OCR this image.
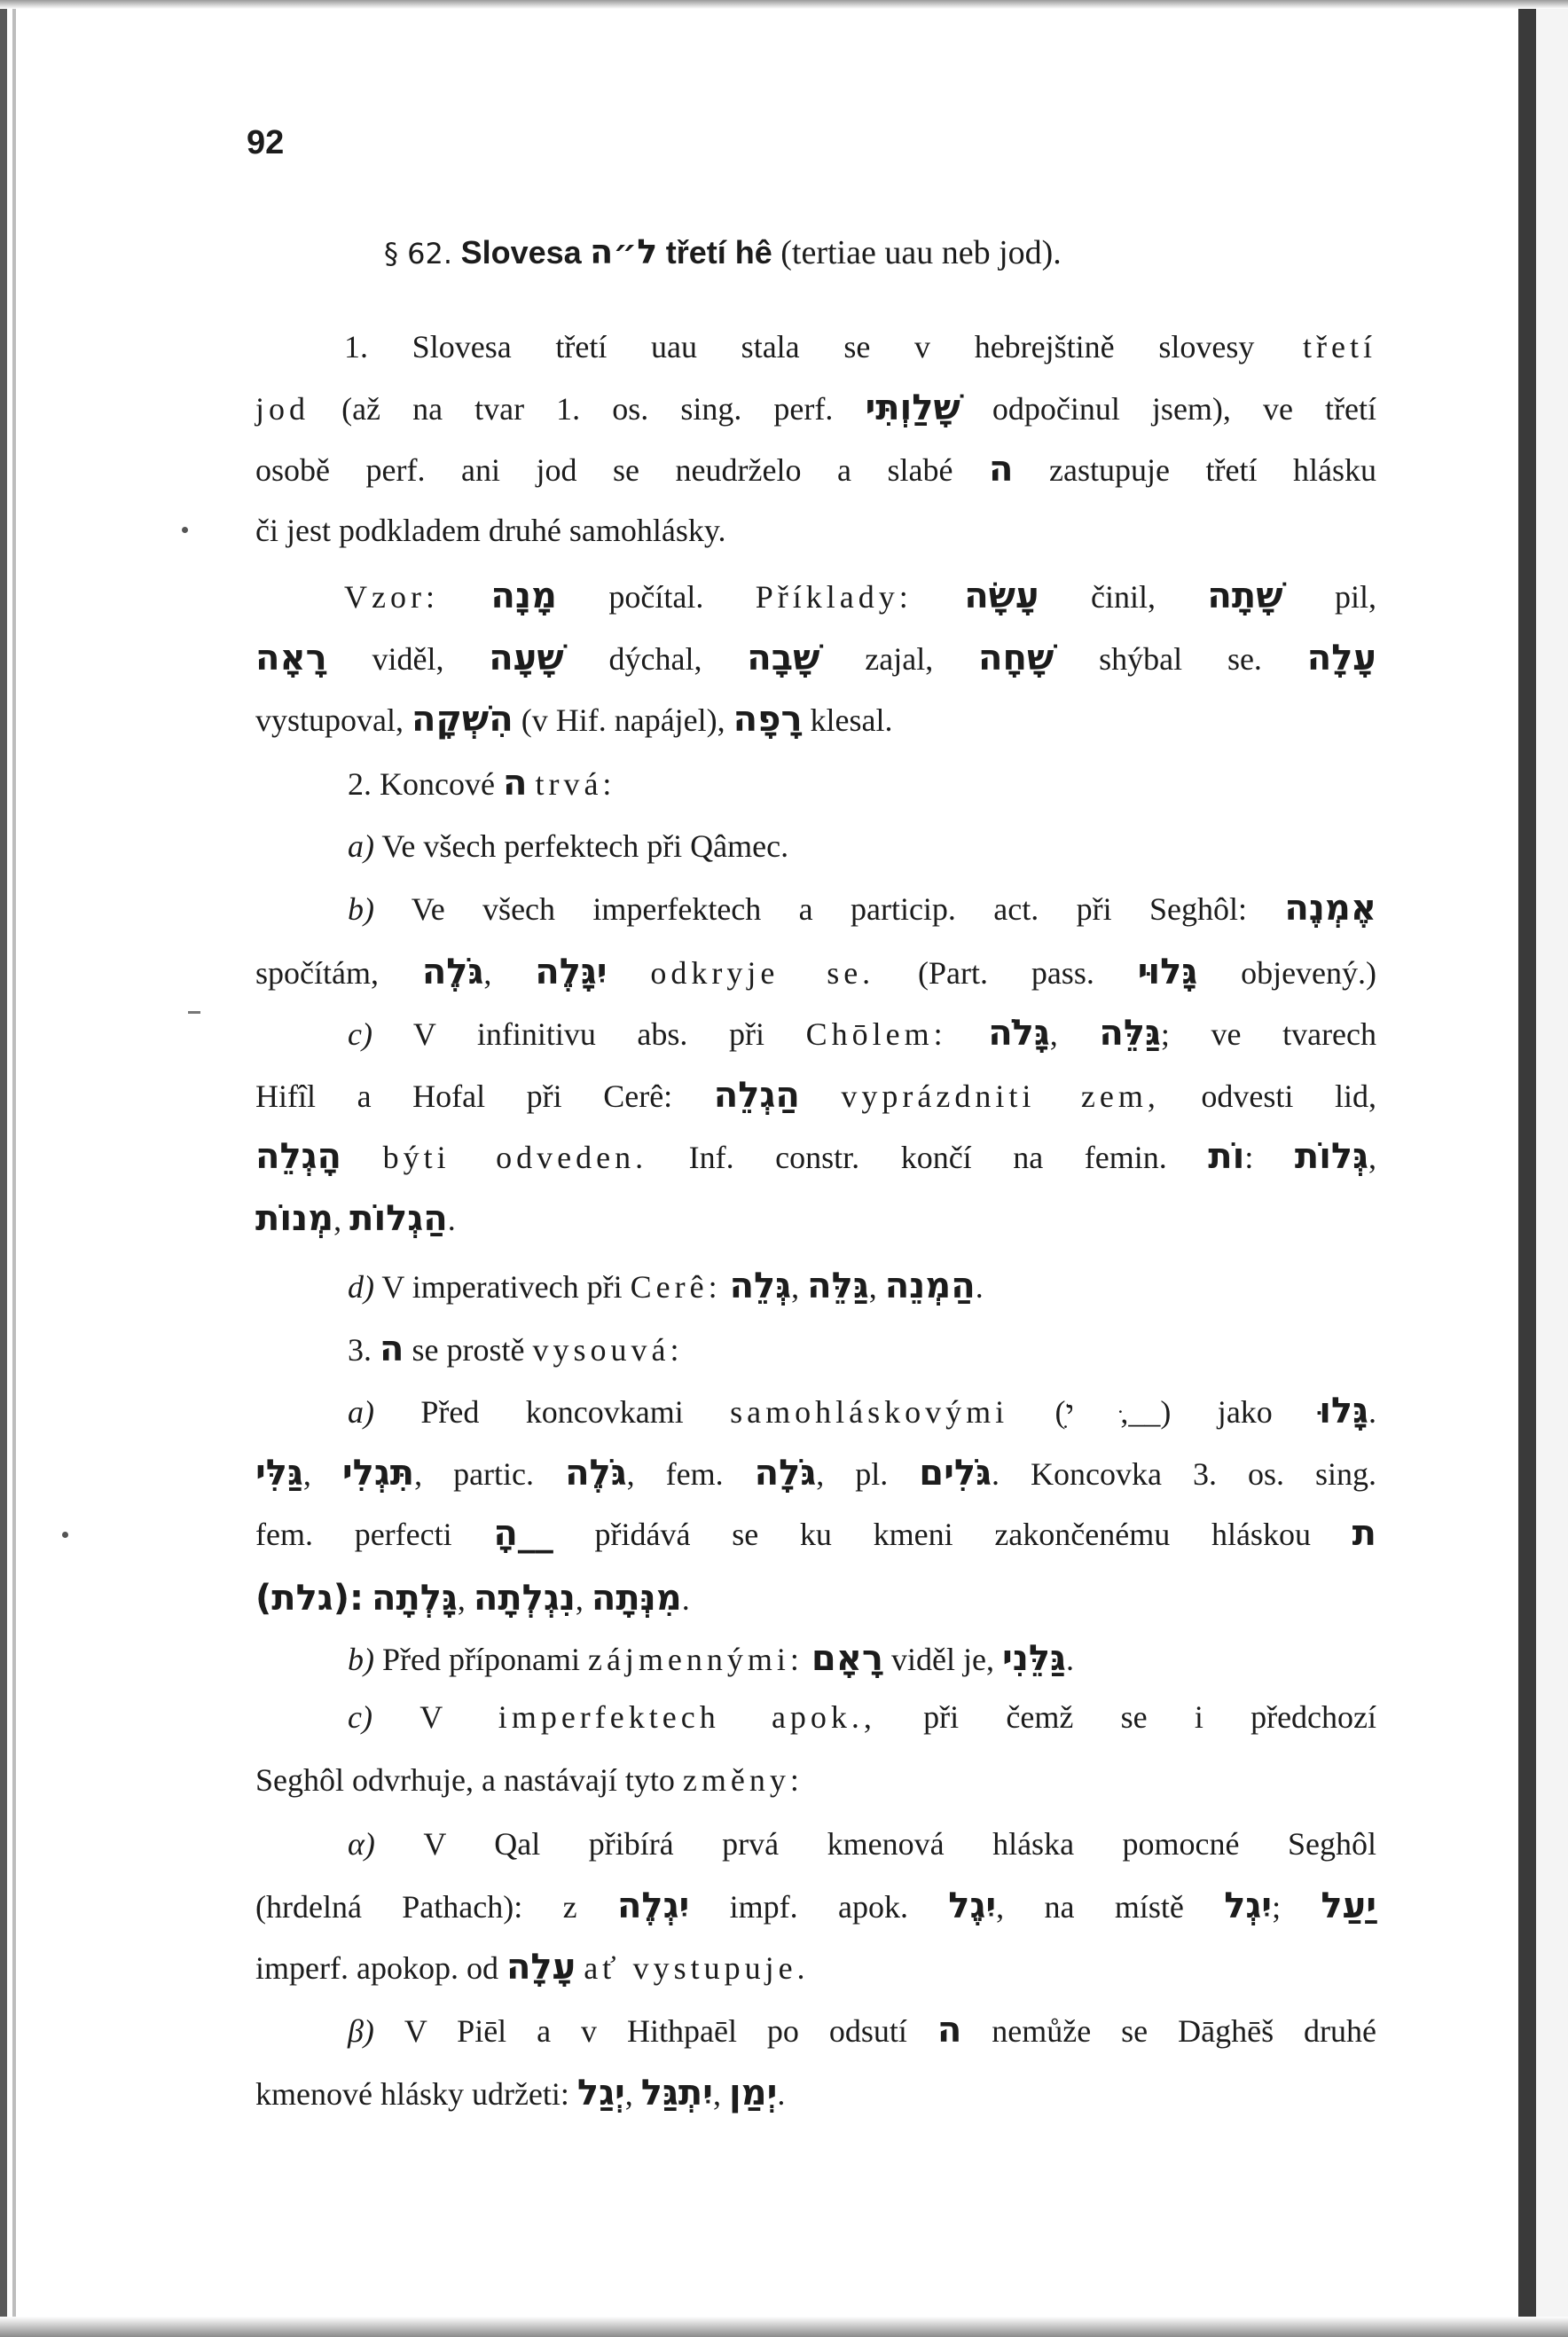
92
§ 62. Slovesa ל״ה třetí hê (tertiae uau neb jod).
1. Slovesa třetí uau stala se v hebrejštině slovesy třetí
jod (až na tvar 1. os. sing. perf. שָׁלַוְתִּי odpočinul jsem), ve třetí
osobě perf. ani jod se neudrželo a slabé ה zastupuje třetí hlásku
či jest podkladem druhé samohlásky.
Vzor: מָנָה počítal. Příklady: עָשָׂה činil, שָׁתָה pil,
רָאָה viděl, שָׁעָה dýchal, שָׁבָה zajal, שָׁחָה shýbal se. עָלָה
vystupoval, הִשְׁקָה (v Hif. napájel), רָפָה klesal.
2. Koncové ה trvá:
a) Ve všech perfektech při Qâmec.
b) Ve všech imperfektech a particip. act. při Seghôl: אֶמְנֶה
spočítám, גֹּלֶה, יִגָּלֶה odkryje se. (Part. pass. גָּלוּי objevený.)
c) V infinitivu abs. při Chōlem: גָּלֹה, גַּלֵּה; ve tvarech
Hifîl a Hofal při Cerê: הַגְלֵה vyprázdniti zem, odvesti lid,
הָגְלֵה býti odveden. Inf. constr. končí na femin. וֹת: גְּלוֹת,
מְנוֹת, הַגְלוֹת.
d) V imperativech při Cerê: גְּלֵה, גַּלֵּה, הַמְנֵה.
3. ה se prostě vysouvá:
a) Před koncovkami samohláskovými (ִי ,ּ__) jako גָּלוּ.
גַּלִּי, תִּגְלִי, partic. גֹּלֶה, fem. גֹּלָה, pl. גֹּלִים. Koncovka 3. os. sing.
fem. perfecti ָה__ přidává se ku kmeni zakončenému hláskou ת
(גלת): גָּלְתָה, נִגְלְתָה, מִנְּתָה.
b) Před příponami zájmennými: רָאָם viděl je, גַּלֵּנִי.
c) V imperfektech apok., při čemž se i předchozí
Seghôl odvrhuje, a nastávají tyto změny:
α) V Qal přibírá prvá kmenová hláska pomocné Seghôl
(hrdelná Pathach): z יִגְלֶה impf. apok. יִגֶל, na místě יִגְל; יַעַל
imperf. apokop. od עָלָה ať vystupuje.
β) V Piēl a v Hithpaēl po odsutí ה nemůže se Dāghēš druhé
kmenové hlásky udržeti: יְגַל, יִתְגַּל, יְמַן.
